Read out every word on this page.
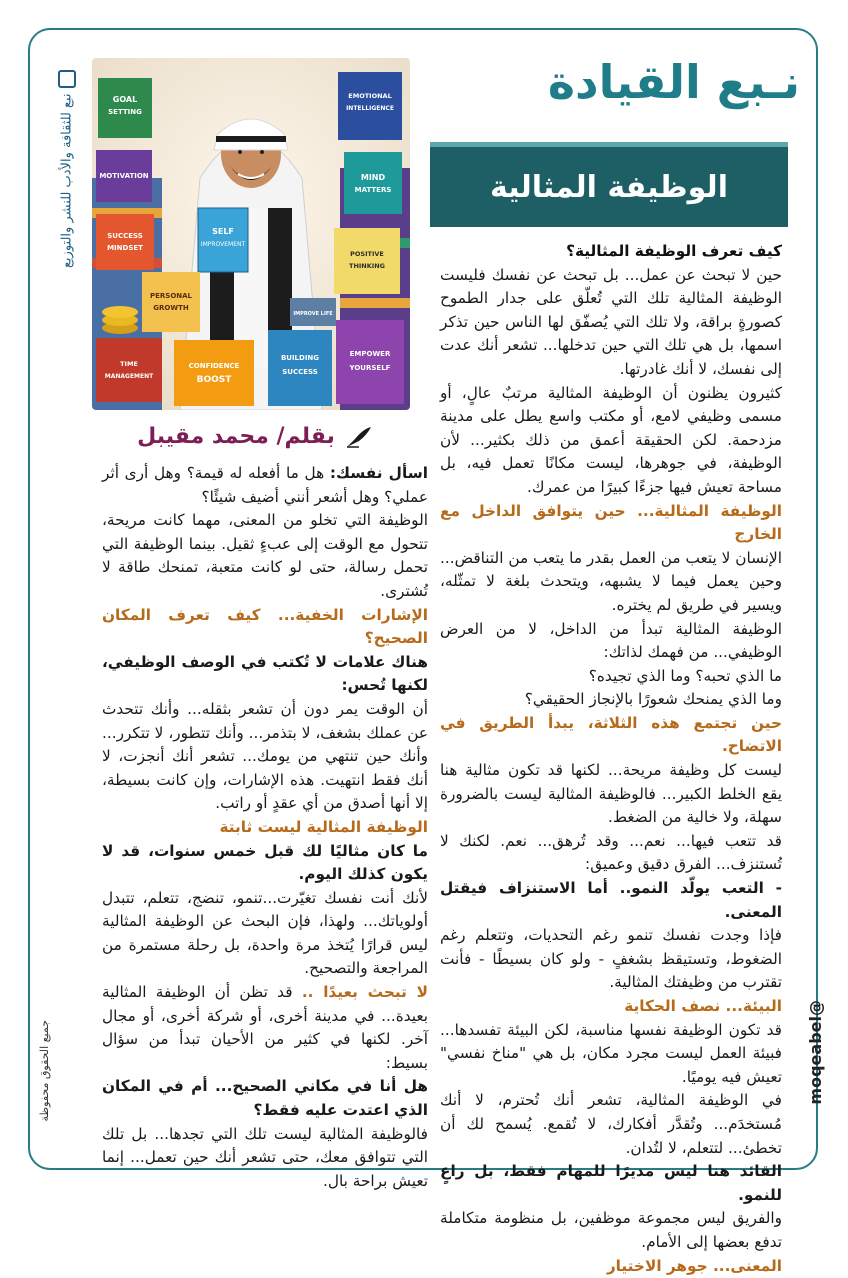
نـبع القيادة
الوظيفة المثالية
نبع للثقافة والأدب للنشر والتوزيع	SELF
IMPROVEMENT
GOAL
SETTING
EMOTIONAL
INTELLIGENCE
MOTIVATION	MIND
MATTERS
SUCCESS
MINDSET
PERSONAL
GROWTH
POSITIVE
THINKING
TIME
MANAGEMENT
CONFIDENCE
BOOST
IMPROVE LIFE
BUILDING
SUCCESS
EMPOWER
YOURSELF
بقلم/ محمد مقيبل

كيف تعرف الوظيفة المثالية؟

حين لا تبحث عن عمل... بل تبحث عن نفسك فليست الوظيفة المثالية تلك التي تُعلّق على جدار الطموح كصورةٍ براقة، ولا تلك التي يُصفّق لها الناس حين تذكر اسمها، بل هي تلك التي حين تدخلها... تشعر أنك عدت إلى نفسك، لا أنك غادرتها.

كثيرون يظنون أن الوظيفة المثالية مرتبٌ عالٍ، أو مسمى وظيفي لامع، أو مكتب واسع يطل على مدينة مزدحمة. لكن الحقيقة أعمق من ذلك بكثير... لأن الوظيفة، في جوهرها، ليست مكانًا تعمل فيه، بل مساحة تعيش فيها جزءًا كبيرًا من عمرك.

الوظيفة المثالية... حين يتوافق الداخل مع الخارج

الإنسان لا يتعب من العمل بقدر ما يتعب من التناقض... وحين يعمل فيما لا يشبهه، ويتحدث بلغة لا تمثّله، ويسير في طريق لم يختره.

الوظيفة المثالية تبدأ من الداخل، لا من العرض الوظيفي... من فهمك لذاتك:

ما الذي تحبه؟ وما الذي تجيده؟

وما الذي يمنحك شعورًا بالإنجاز الحقيقي؟

حين تجتمع هذه الثلاثة، يبدأ الطريق في الاتضاح.

ليست كل وظيفة مريحة... لكنها قد تكون مثالية هنا يقع الخلط الكبير... فالوظيفة المثالية ليست بالضرورة سهلة، ولا خالية من الضغط.

قد تتعب فيها... نعم... وقد تُرهق... نعم. لكنك لا تُستنزف... الفرق دقيق وعميق:

- التعب يولّد النمو.. أما الاستنزاف فيقتل المعنى.

فإذا وجدت نفسك تنمو رغم التحديات، وتتعلم رغم الضغوط، وتستيقظ بشغفٍ - ولو كان بسيطًا - فأنت تقترب من وظيفتك المثالية.

البيئة... نصف الحكاية

قد تكون الوظيفة نفسها مناسبة، لكن البيئة تفسدها... فبيئة العمل ليست مجرد مكان، بل هي "مناخ نفسي" تعيش فيه يوميًا.

في الوظيفة المثالية، تشعر أنك تُحترم، لا أنك مُستخدَم... وتُقدَّر أفكارك، لا تُقمع. يُسمح لك أن تخطئ... لتتعلم، لا لتُدان.

القائد هنا ليس مديرًا للمهام فقط، بل راعٍ للنمو.

والفريق ليس مجموعة موظفين، بل منظومة متكاملة تدفع بعضها إلى الأمام.

المعنى... جوهر الاختيار

اسأل نفسك: هل ما أفعله له قيمة؟ وهل أرى أثر عملي؟ وهل أشعر أنني أضيف شيئًا؟

الوظيفة التي تخلو من المعنى، مهما كانت مريحة، تتحول مع الوقت إلى عبءٍ ثقيل. بينما الوظيفة التي تحمل رسالة، حتى لو كانت متعبة، تمنحك طاقة لا تُشترى.

الإشارات الخفية... كيف تعرف المكان الصحيح؟

هناك علامات لا تُكتب في الوصف الوظيفي، لكنها تُحس:

أن الوقت يمر دون أن تشعر بثقله... وأنك تتحدث عن عملك بشغف، لا بتذمر... وأنك تتطور، لا تتكرر... وأنك حين تنتهي من يومك... تشعر أنك أنجزت، لا أنك فقط انتهيت. هذه الإشارات، وإن كانت بسيطة، إلا أنها أصدق من أي عقدٍ أو راتب.

الوظيفة المثالية ليست ثابتة

ما كان مثاليًا لك قبل خمس سنوات، قد لا يكون كذلك اليوم.

لأنك أنت نفسك تغيّرت...تنمو، تنضج، تتعلم، تتبدل أولوياتك... ولهذا، فإن البحث عن الوظيفة المثالية ليس قرارًا يُتخذ مرة واحدة، بل رحلة مستمرة من المراجعة والتصحيح.

لا تبحث بعيدًا .. قد تظن أن الوظيفة المثالية بعيدة... في مدينة أخرى، أو شركة أخرى، أو مجال آخر. لكنها في كثير من الأحيان تبدأ من سؤال بسيط:

هل أنا في مكاني الصحيح... أم في المكان الذي اعتدت عليه فقط؟

فالوظيفة المثالية ليست تلك التي تجدها... بل تلك التي تتوافق معك، حتى تشعر أنك حين تعمل... إنما تعيش براحة بال.

@moqeabel
جميع الحقوق محفوظة
